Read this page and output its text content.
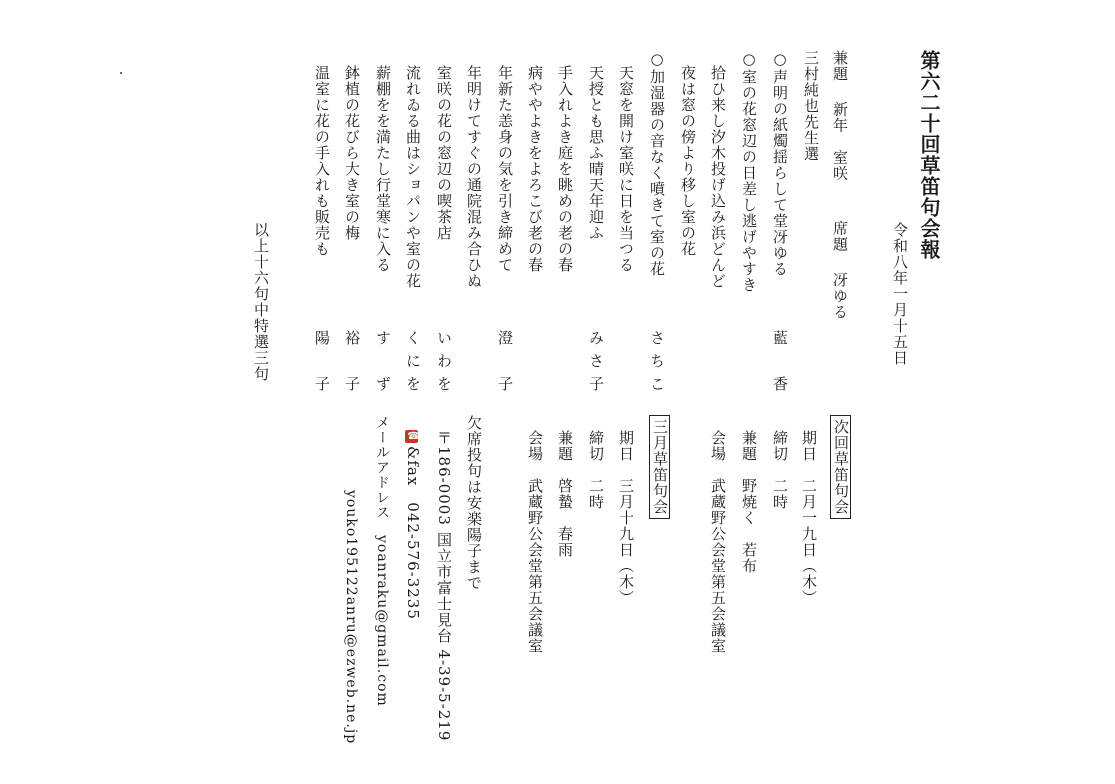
第六二十回草笛句会報
令和八年一月十五日
兼題新年　室咲席題冴ゆる
三村純也先生選
○声明の紙燭揺らして堂冴ゆる
藍　香
○室の花窓辺の日差し逃げやすき
拾ひ来し汐木投げ込み浜どんど
夜は窓の傍より移し室の花
○加湿器の音なく噴きて室の花
さちこ
天窓を開け室咲に日を当つる
天授とも思ふ晴天年迎ふ
みさ子
手入れよき庭を眺めの老の春
病ややよきをよろこび老の春
年新た恙身の気を引き締めて
澄　子
年明けてすぐの通院混み合ひぬ
室咲の花の窓辺の喫茶店
いわを
流れゐる曲はショパンや室の花
くにを
薪棚をを満たし行堂寒に入る
す　ず
鉢植の花びら大き室の梅
裕　子
温室に花の手入れも販売も
陽　子
以上十六句中特選三句
次回草笛句会
期日　二月一九日（木）
締切　二時
兼題　野焼く　若布
会場　武蔵野公会堂第五会議室
三月草笛句会
期日　三月十九日（木）
締切　二時
兼題　啓蟄　春雨
会場　武蔵野公会堂第五会議室
欠席投句は安楽陽子まで
〒186-0003 国立市富士見台 4-39-5-219
☎&fax　042-576-3235
メールアドレス　yoanraku@gmail.com
youko195122anru@ezweb.ne.jp
